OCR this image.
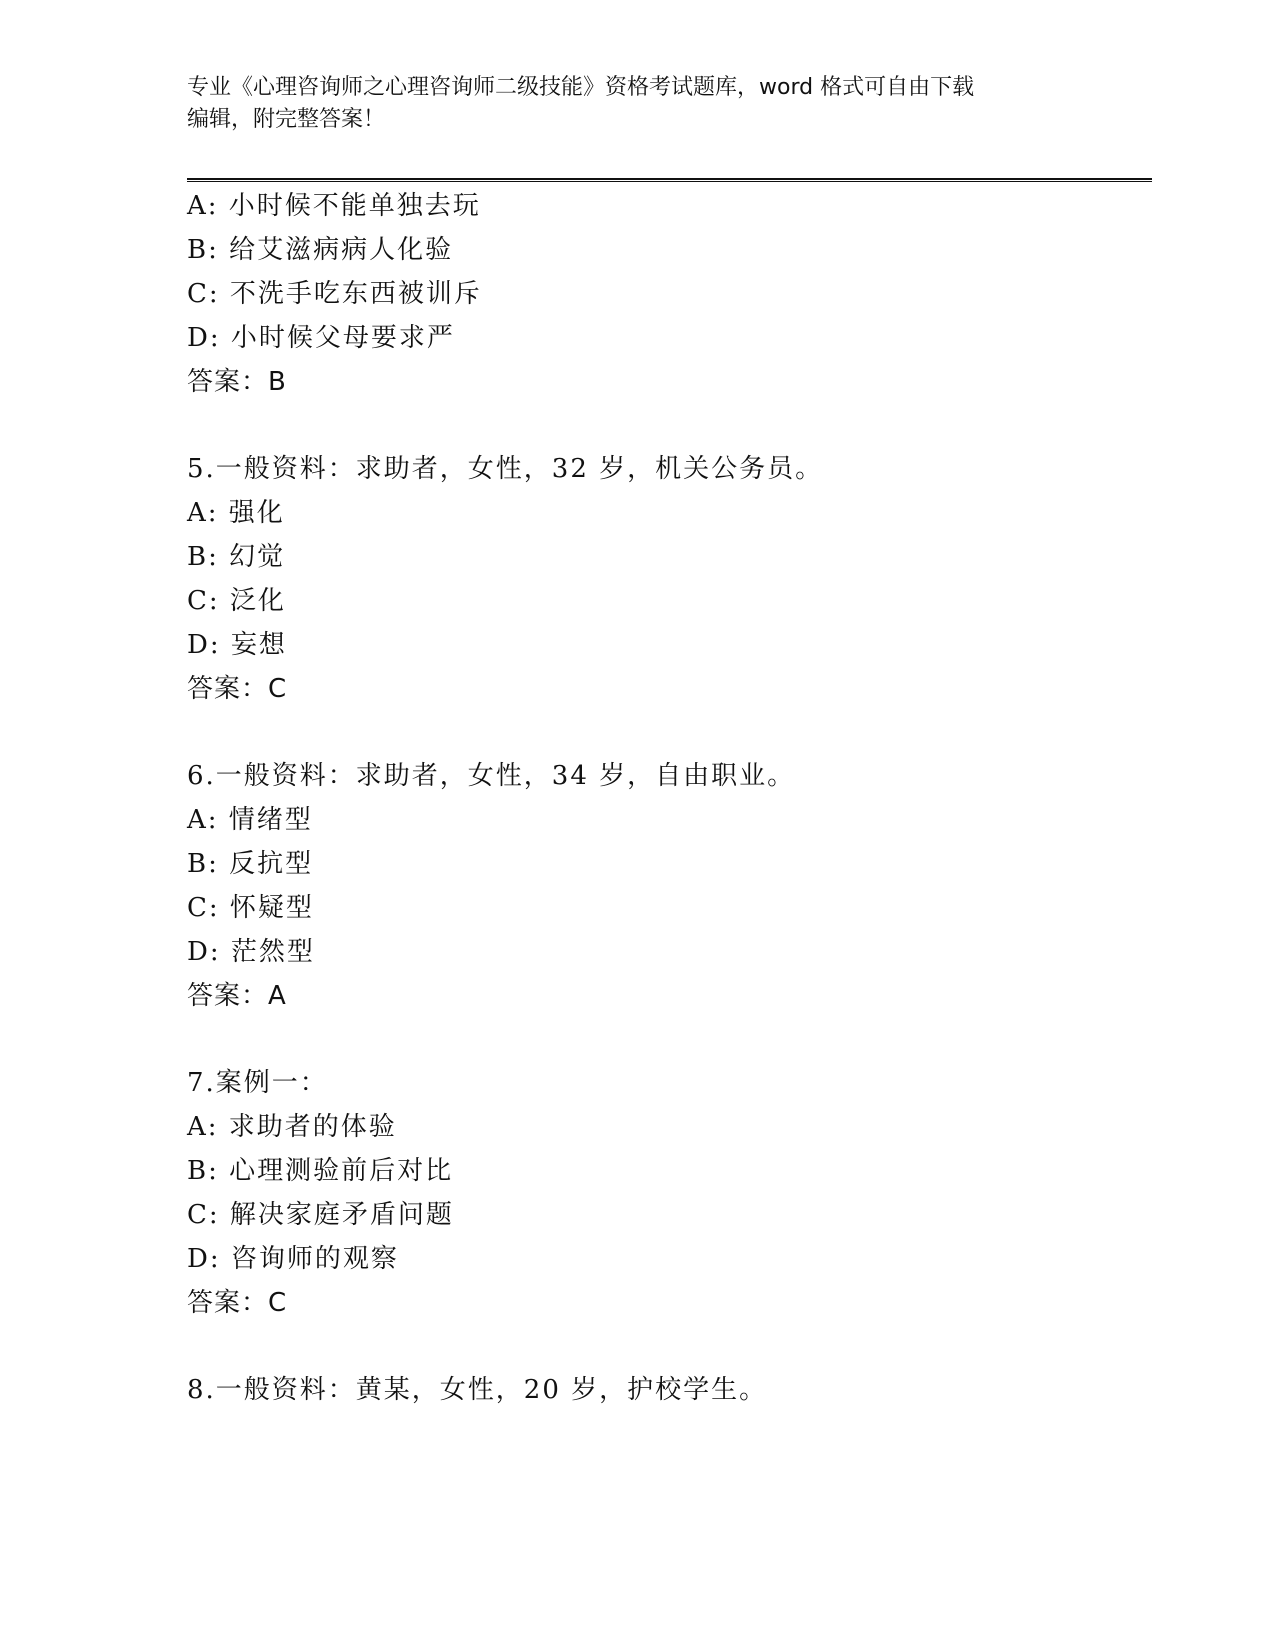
专业《心理咨询师之心理咨询师二级技能》资格考试题库，word 格式可自由下载
编辑，附完整答案！
A: 小时候不能单独去玩
B: 给艾滋病病人化验
C: 不洗手吃东西被训斥
D: 小时候父母要求严
答案：B
5.一般资料：求助者，女性，32 岁，机关公务员。
A: 强化
B: 幻觉
C: 泛化
D: 妄想
答案：C
6.一般资料：求助者，女性，34 岁，自由职业。
A: 情绪型
B: 反抗型
C: 怀疑型
D: 茫然型
答案：A
7.案例一：
A: 求助者的体验
B: 心理测验前后对比
C: 解决家庭矛盾问题
D: 咨询师的观察
答案：C
8.一般资料：黄某，女性，20 岁，护校学生。
